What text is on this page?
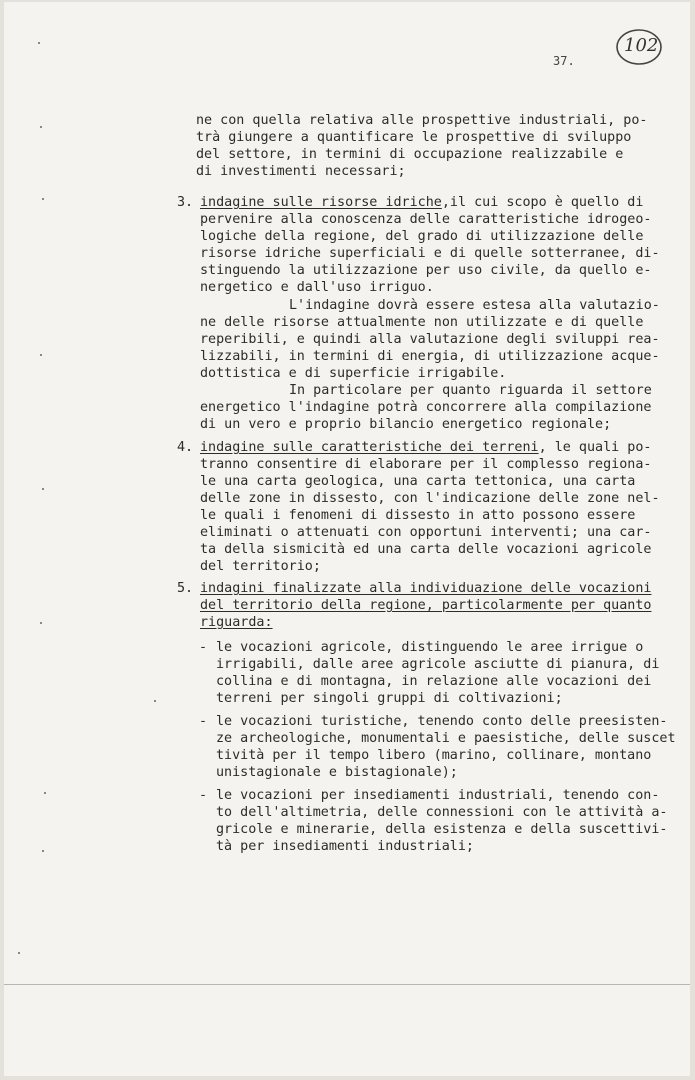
102
37.
ne con quella relativa alle prospettive industriali, po-
trà giungere a quantificare le prospettive di sviluppo
del settore, in termini di occupazione realizzabile e
di investimenti necessari;
3. indagine sulle risorse idriche,il cui scopo è quello di
pervenire alla conoscenza delle caratteristiche idrogeo-
logiche della regione, del grado di utilizzazione delle
risorse idriche superficiali e di quelle sotterranee, di-
stinguendo la utilizzazione per uso civile, da quello e-
nergetico e dall'uso irriguo.
L'indagine dovrà essere estesa alla valutazio-
ne delle risorse attualmente non utilizzate e di quelle
reperibili, e quindi alla valutazione degli sviluppi rea-
lizzabili, in termini di energia, di utilizzazione acque-
dottistica e di superficie irrigabile.
In particolare per quanto riguarda il settore
energetico l'indagine potrà concorrere alla compilazione
di un vero e proprio bilancio energetico regionale;
4. indagine sulle caratteristiche dei terreni, le quali po-
tranno consentire di elaborare per il complesso regiona-
le una carta geologica, una carta tettonica, una carta
delle zone in dissesto, con l'indicazione delle zone nel-
le quali i fenomeni di dissesto in atto possono essere
eliminati o attenuati con opportuni interventi; una car-
ta della sismicità ed una carta delle vocazioni agricole
del territorio;
5. indagini finalizzate alla individuazione delle vocazioni
del territorio della regione, particolarmente per quanto
riguarda:
- le vocazioni agricole, distinguendo le aree irrigue o
irrigabili, dalle aree agricole asciutte di pianura, di
collina e di montagna, in relazione alle vocazioni dei
terreni per singoli gruppi di coltivazioni;
- le vocazioni turistiche, tenendo conto delle preesisten-
ze archeologiche, monumentali e paesistiche, delle suscet
tività per il tempo libero (marino, collinare, montano
unistagionale e bistagionale);
- le vocazioni per insediamenti industriali, tenendo con-
to dell'altimetria, delle connessioni con le attività a-
gricole e minerarie, della esistenza e della suscettivi-
tà per insediamenti industriali;
